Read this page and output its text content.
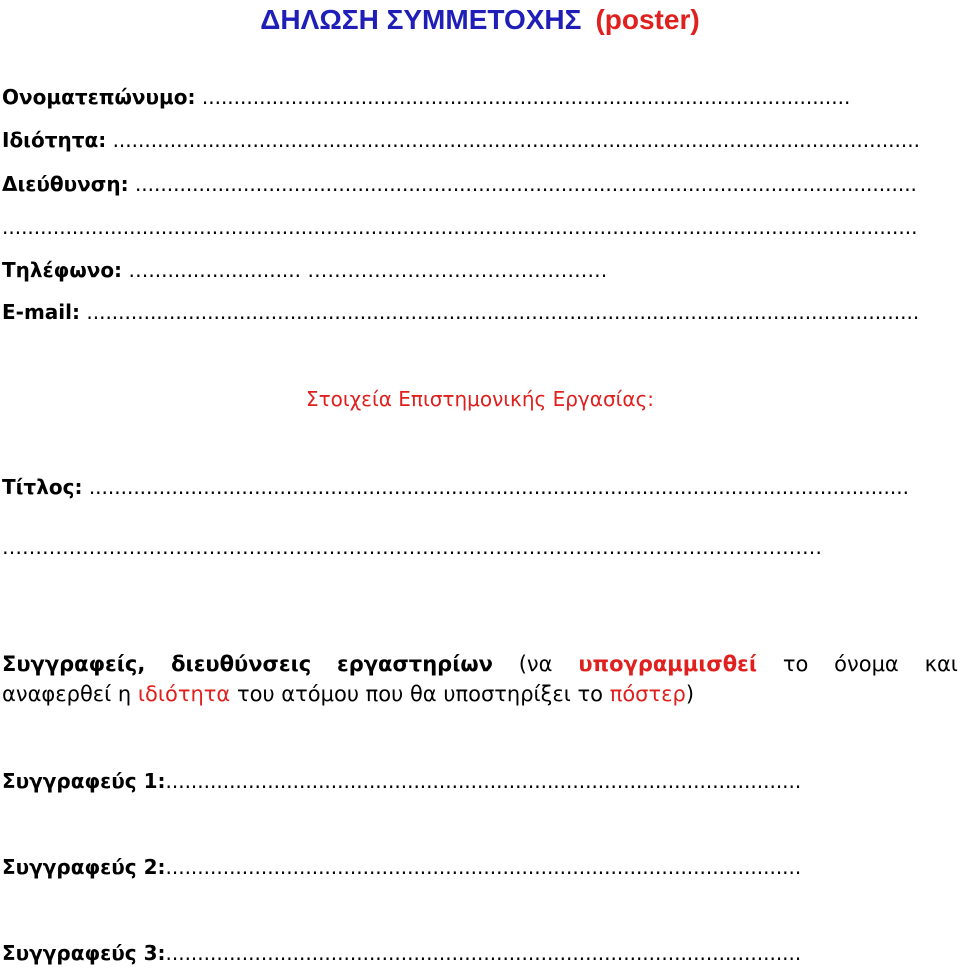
ΔΗΛΩΣΗ ΣΥΜΜΕΤΟΧΗΣ (poster)
Ονοματεπώνυμο: ......................................................................................................
Ιδιότητα: ...............................................................................................................................
Διεύθυνση: ...........................................................................................................................
................................................................................................................................................
Τηλέφωνο: …........................ ………………………………………
E-mail: ...................................................................................................................................
Στοιχεία Επιστημονικής Εργασίας:
Τίτλος: .................................................................................................................................
……………………………………………………………………………………………………………
Συγγραφείς, διευθύνσεις εργαστηρίων (να υπογραμμισθεί το όνομα και
αναφερθεί η ιδιότητα του ατόμου που θα υποστηρίξει το πόστερ)
Συγγραφεύς 1:....................................................................................................
Συγγραφεύς 2:....................................................................................................
Συγγραφεύς 3:....................................................................................................
